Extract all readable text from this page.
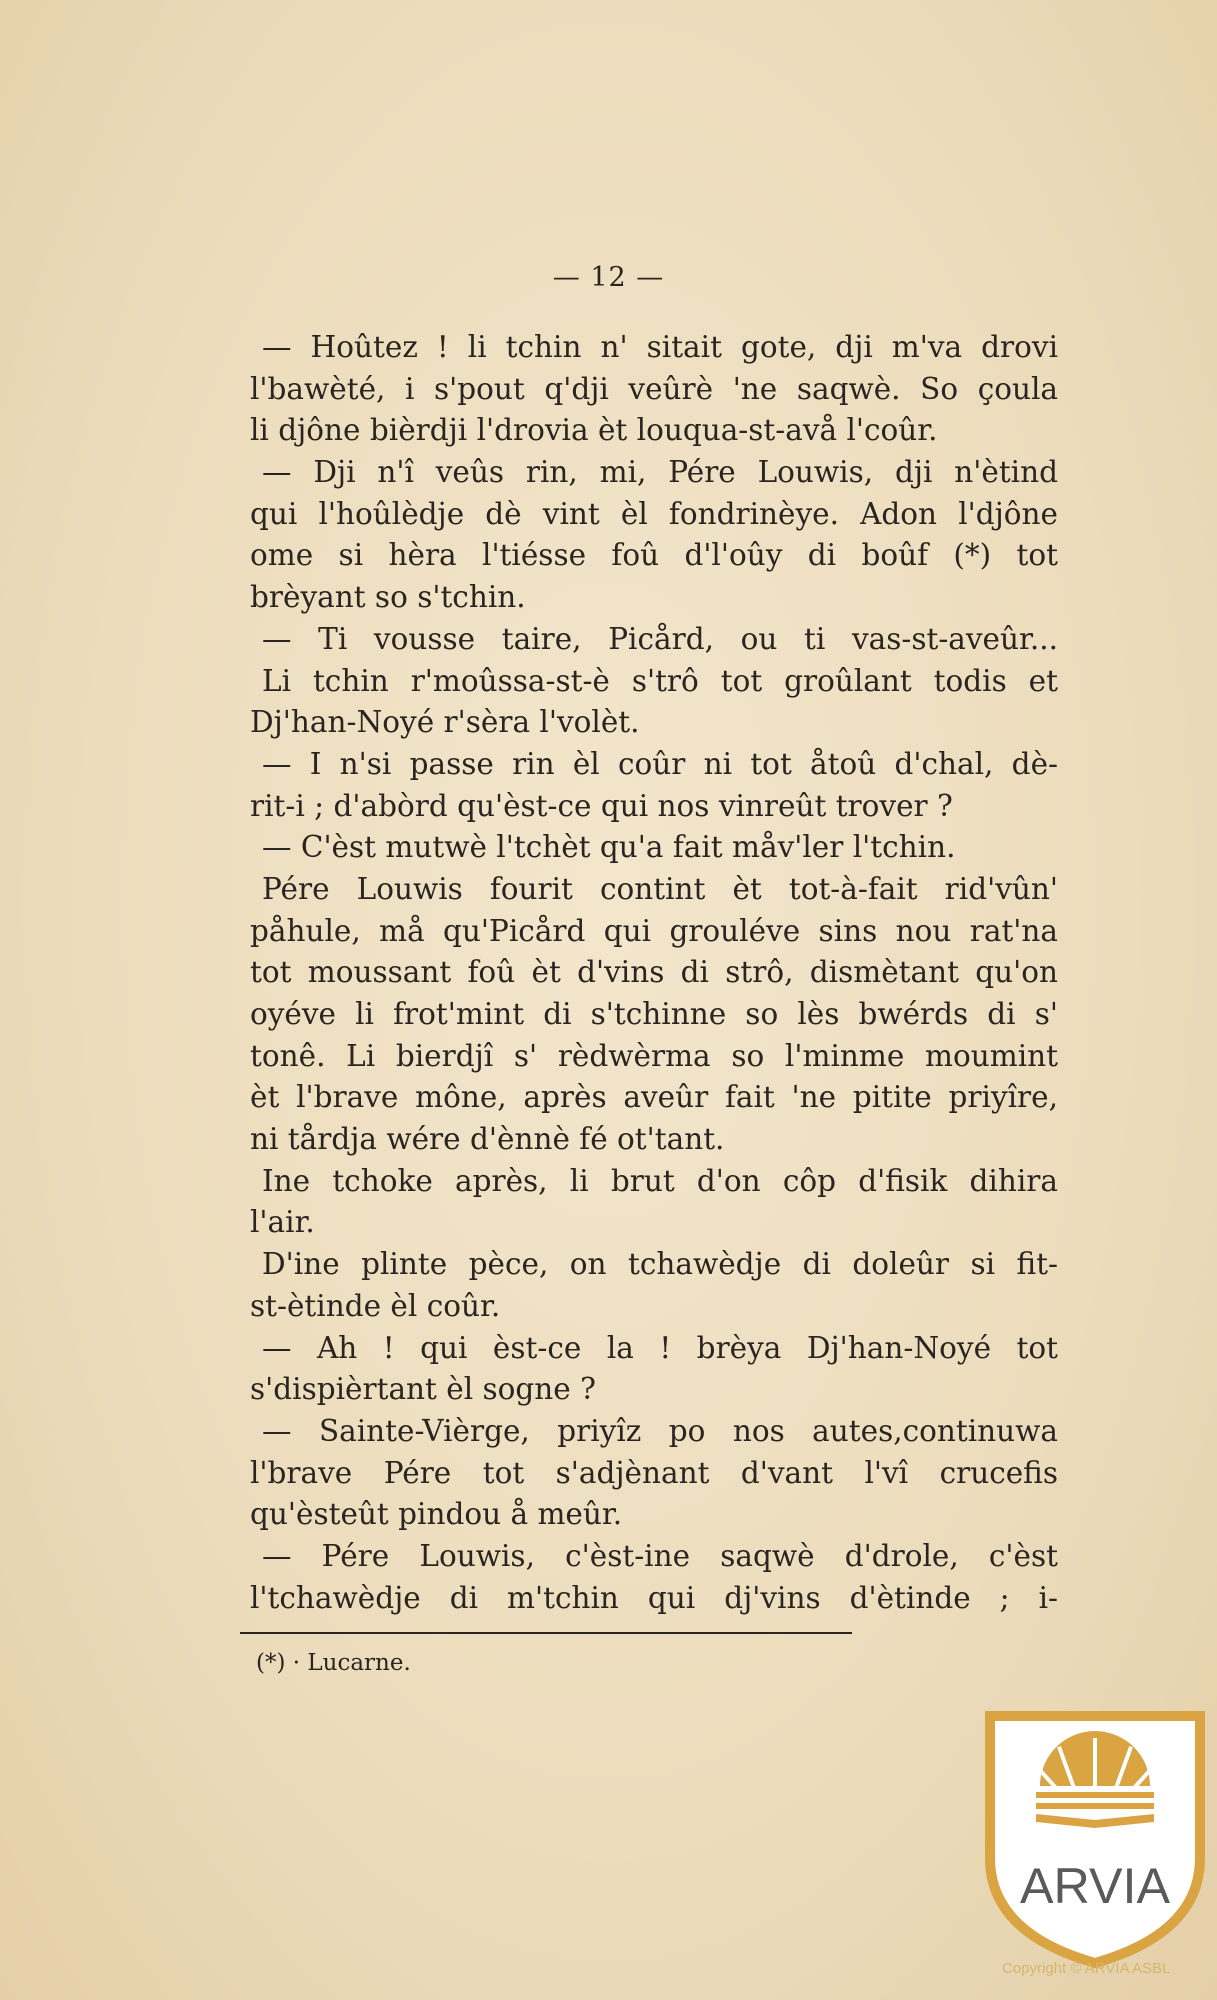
— 12 —
— Hoûtez ! li tchin n' sitait gote, dji m'va drovi
l'bawèté, i s'pout q'dji veûrè 'ne saqwè. So çoula
li djône bièrdji l'drovia èt louqua-st-avå l'coûr.
— Dji n'î veûs rin, mi, Pére Louwis, dji n'ètind
qui l'hoûlèdje dè vint èl fondrinèye. Adon l'djône
ome si hèra l'tiésse foû d'l'oûy di boûf (*) tot
brèyant so s'tchin.
— Ti vousse taire, Picård, ou ti vas-st-aveûr...
Li tchin r'moûssa-st-è s'trô tot groûlant todis et
Dj'han-Noyé r'sèra l'volèt.
— I n'si passe rin èl coûr ni tot åtoû d'chal, dè-
rit-i ; d'abòrd qu'èst-ce qui nos vinreût trover ?
— C'èst mutwè l'tchèt qu'a fait måv'ler l'tchin.
Pére Louwis fourit contint èt tot-à-fait rid'vûn'
påhule, må qu'Picård qui grouléve sins nou rat'na
tot moussant foû èt d'vins di strô, dismètant qu'on
oyéve li frot'mint di s'tchinne so lès bwérds di s'
tonê. Li bierdjî s' rèdwèrma so l'minme moumint
èt l'brave mône, après aveûr fait 'ne pitite priyîre,
ni tårdja wére d'ènnè fé ot'tant.
Ine tchoke après, li brut d'on côp d'fisik dihira
l'air.
D'ine plinte pèce, on tchawèdje di doleûr si fit-
st-ètinde èl coûr.
— Ah ! qui èst-ce la ! brèya Dj'han-Noyé tot
s'dispièrtant èl sogne ?
— Sainte-Vièrge, priyîz po nos autes,continuwa
l'brave Pére tot s'adjènant d'vant l'vî crucefis
qu'èsteût pindou å meûr.
— Pére Louwis, c'èst-ine saqwè d'drole, c'èst
l'tchawèdje di m'tchin qui dj'vins d'ètinde ; i-
(*) · Lucarne.
ARVIA
Copyright © ARVIA ASBL
